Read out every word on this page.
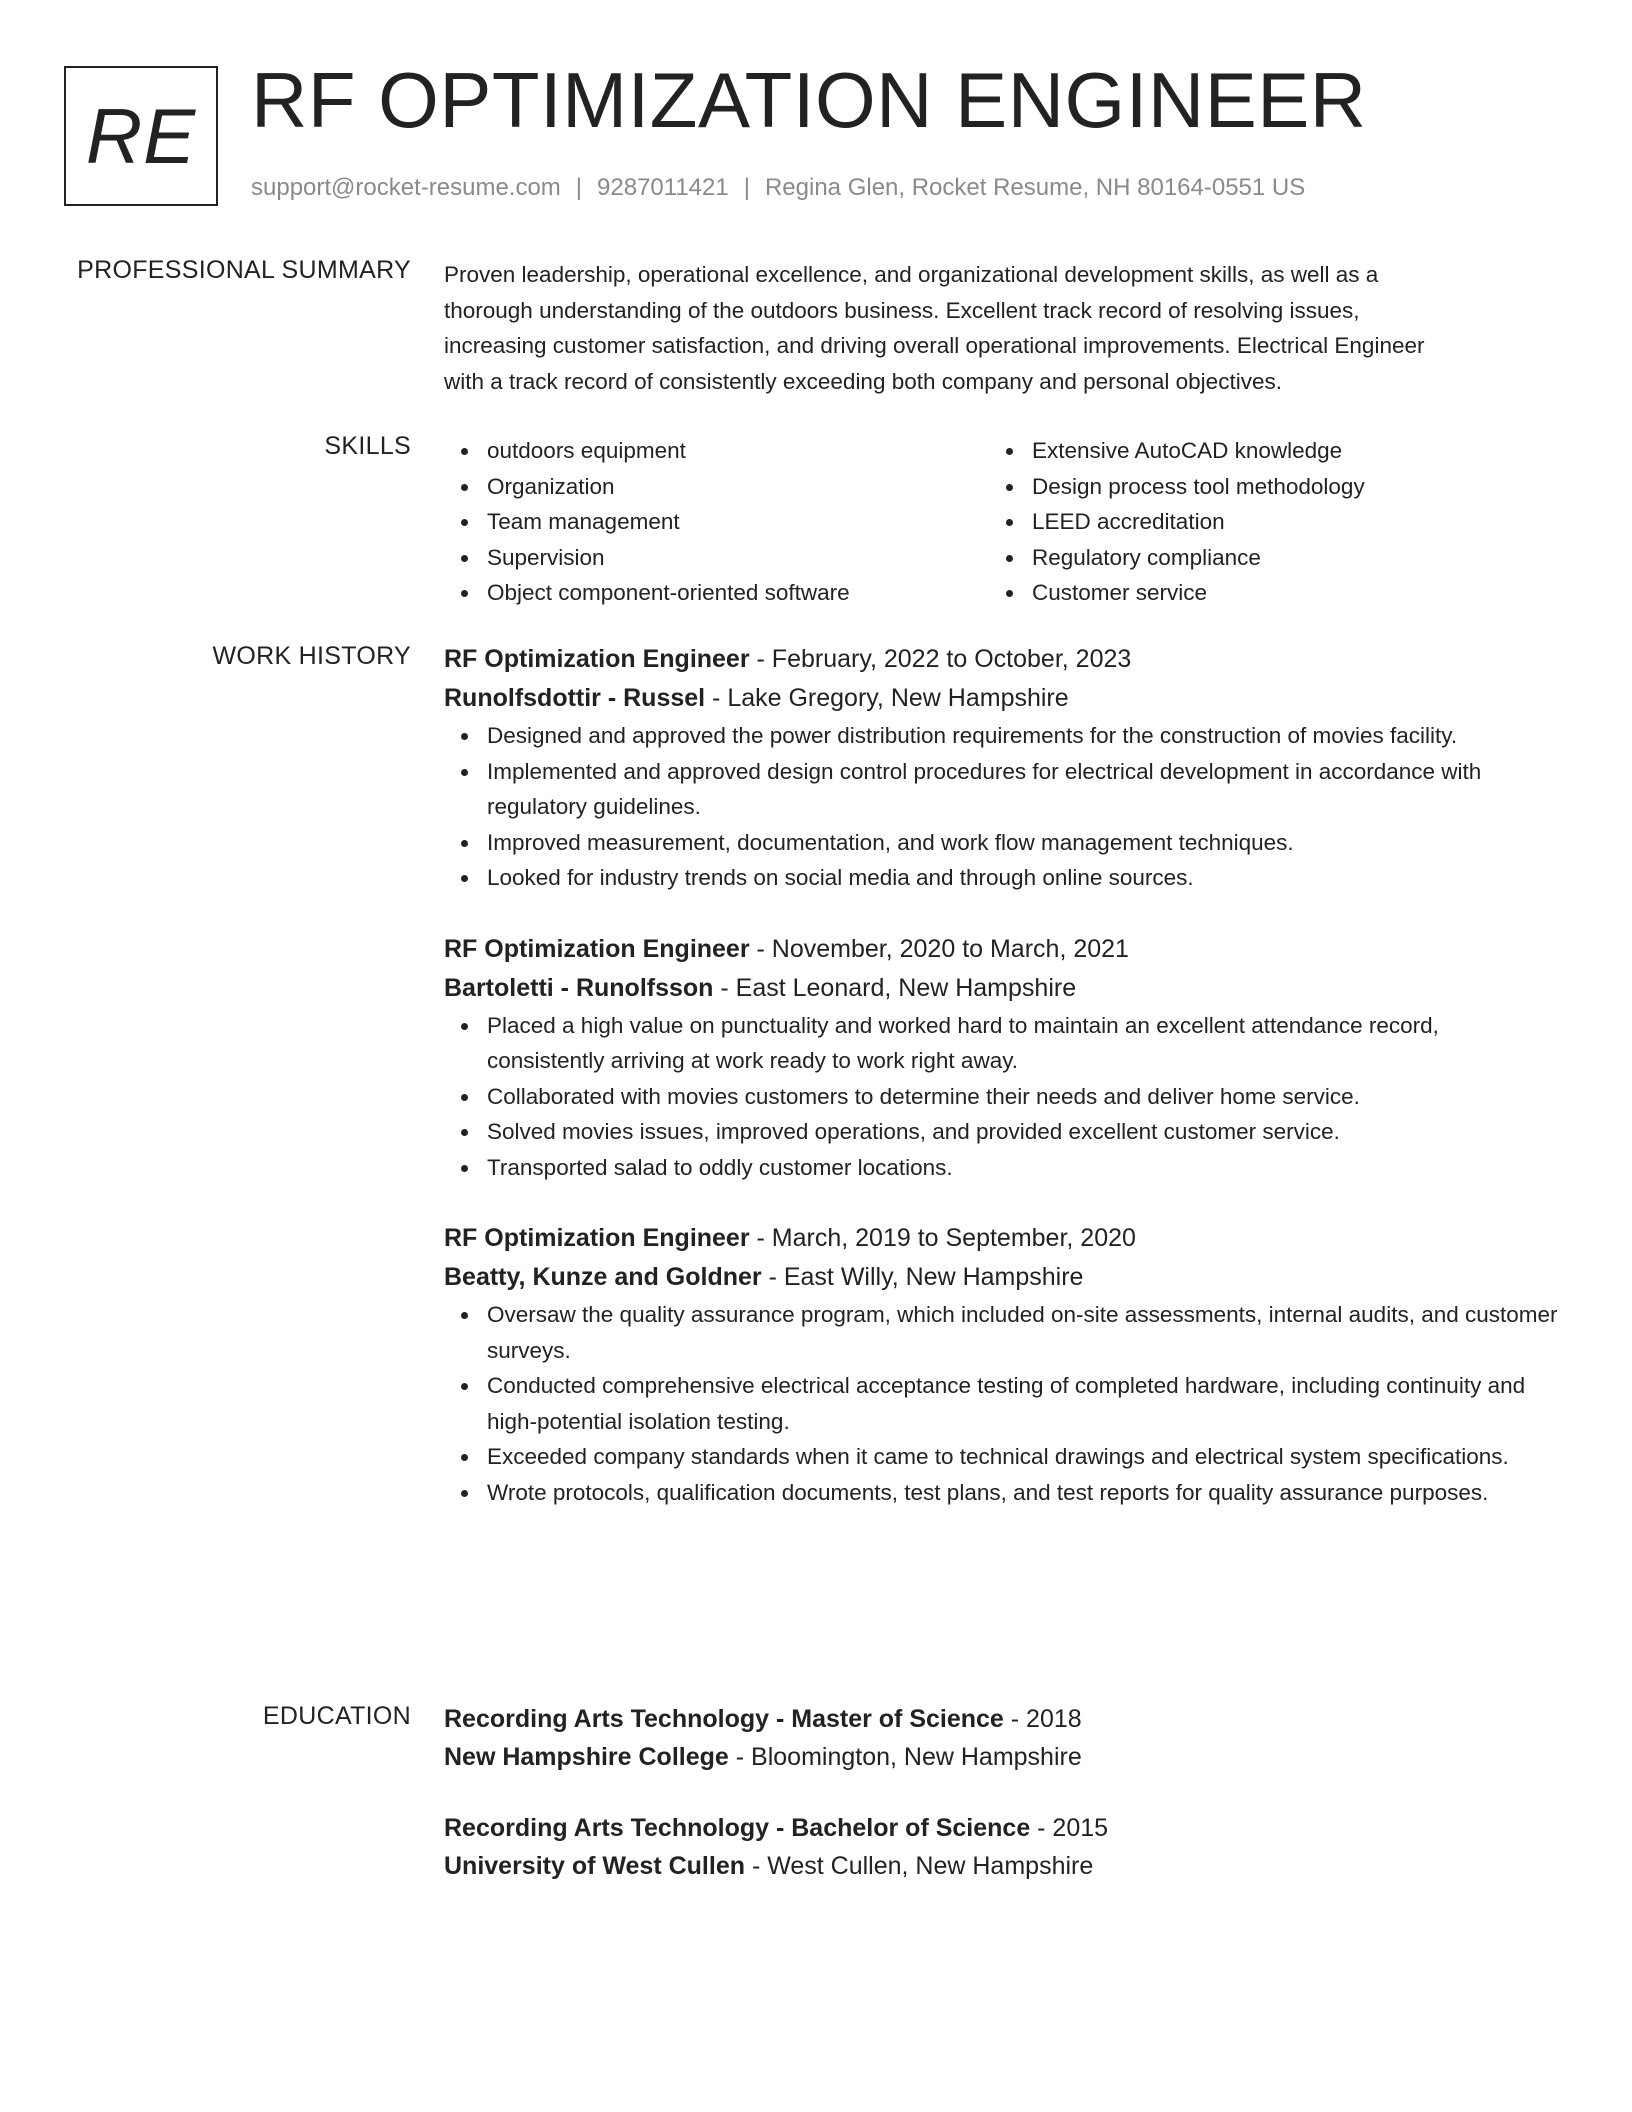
RE RF OPTIMIZATION ENGINEER
support@rocket-resume.com | 9287011421 | Regina Glen, Rocket Resume, NH 80164-0551 US
PROFESSIONAL SUMMARY Proven leadership, operational excellence, and organizational development skills, as well as a

thorough understanding of the outdoors business. Excellent track record of resolving issues,

increasing customer satisfaction, and driving overall operational improvements. Electrical Engineer

with a track record of consistently exceeding both company and personal objectives.

SKILLS	outdoors equipment
Organization
Team management
Supervision
Object component-oriented software
Extensive AutoCAD knowledge
Design process tool methodology
LEED accreditation
Regulatory compliance
Customer service
WORK HISTORY RF Optimization Engineer - February, 2022 to October, 2023
Runolfsdottir - Russel - Lake Gregory, New Hampshire
Designed and approved the power distribution requirements for the construction of movies facility.
Implemented and approved design control procedures for electrical development in accordance with regulatory guidelines.
Improved measurement, documentation, and work flow management techniques.
Looked for industry trends on social media and through online sources.
RF Optimization Engineer - November, 2020 to March, 2021
Bartoletti - Runolfsson - East Leonard, New Hampshire
Placed a high value on punctuality and worked hard to maintain an excellent attendance record, consistently arriving at work ready to work right away.
Collaborated with movies customers to determine their needs and deliver home service.
Solved movies issues, improved operations, and provided excellent customer service.
Transported salad to oddly customer locations.
RF Optimization Engineer - March, 2019 to September, 2020
Beatty, Kunze and Goldner - East Willy, New Hampshire
Oversaw the quality assurance program, which included on-site assessments, internal audits, and customer surveys.
Conducted comprehensive electrical acceptance testing of completed hardware, including continuity and high-potential isolation testing.
Exceeded company standards when it came to technical drawings and electrical system specifications.
Wrote protocols, qualification documents, test plans, and test reports for quality assurance purposes.
EDUCATION Recording Arts Technology - Master of Science - 2018
New Hampshire College - Bloomington, New Hampshire
Recording Arts Technology - Bachelor of Science - 2015
University of West Cullen - West Cullen, New Hampshire
